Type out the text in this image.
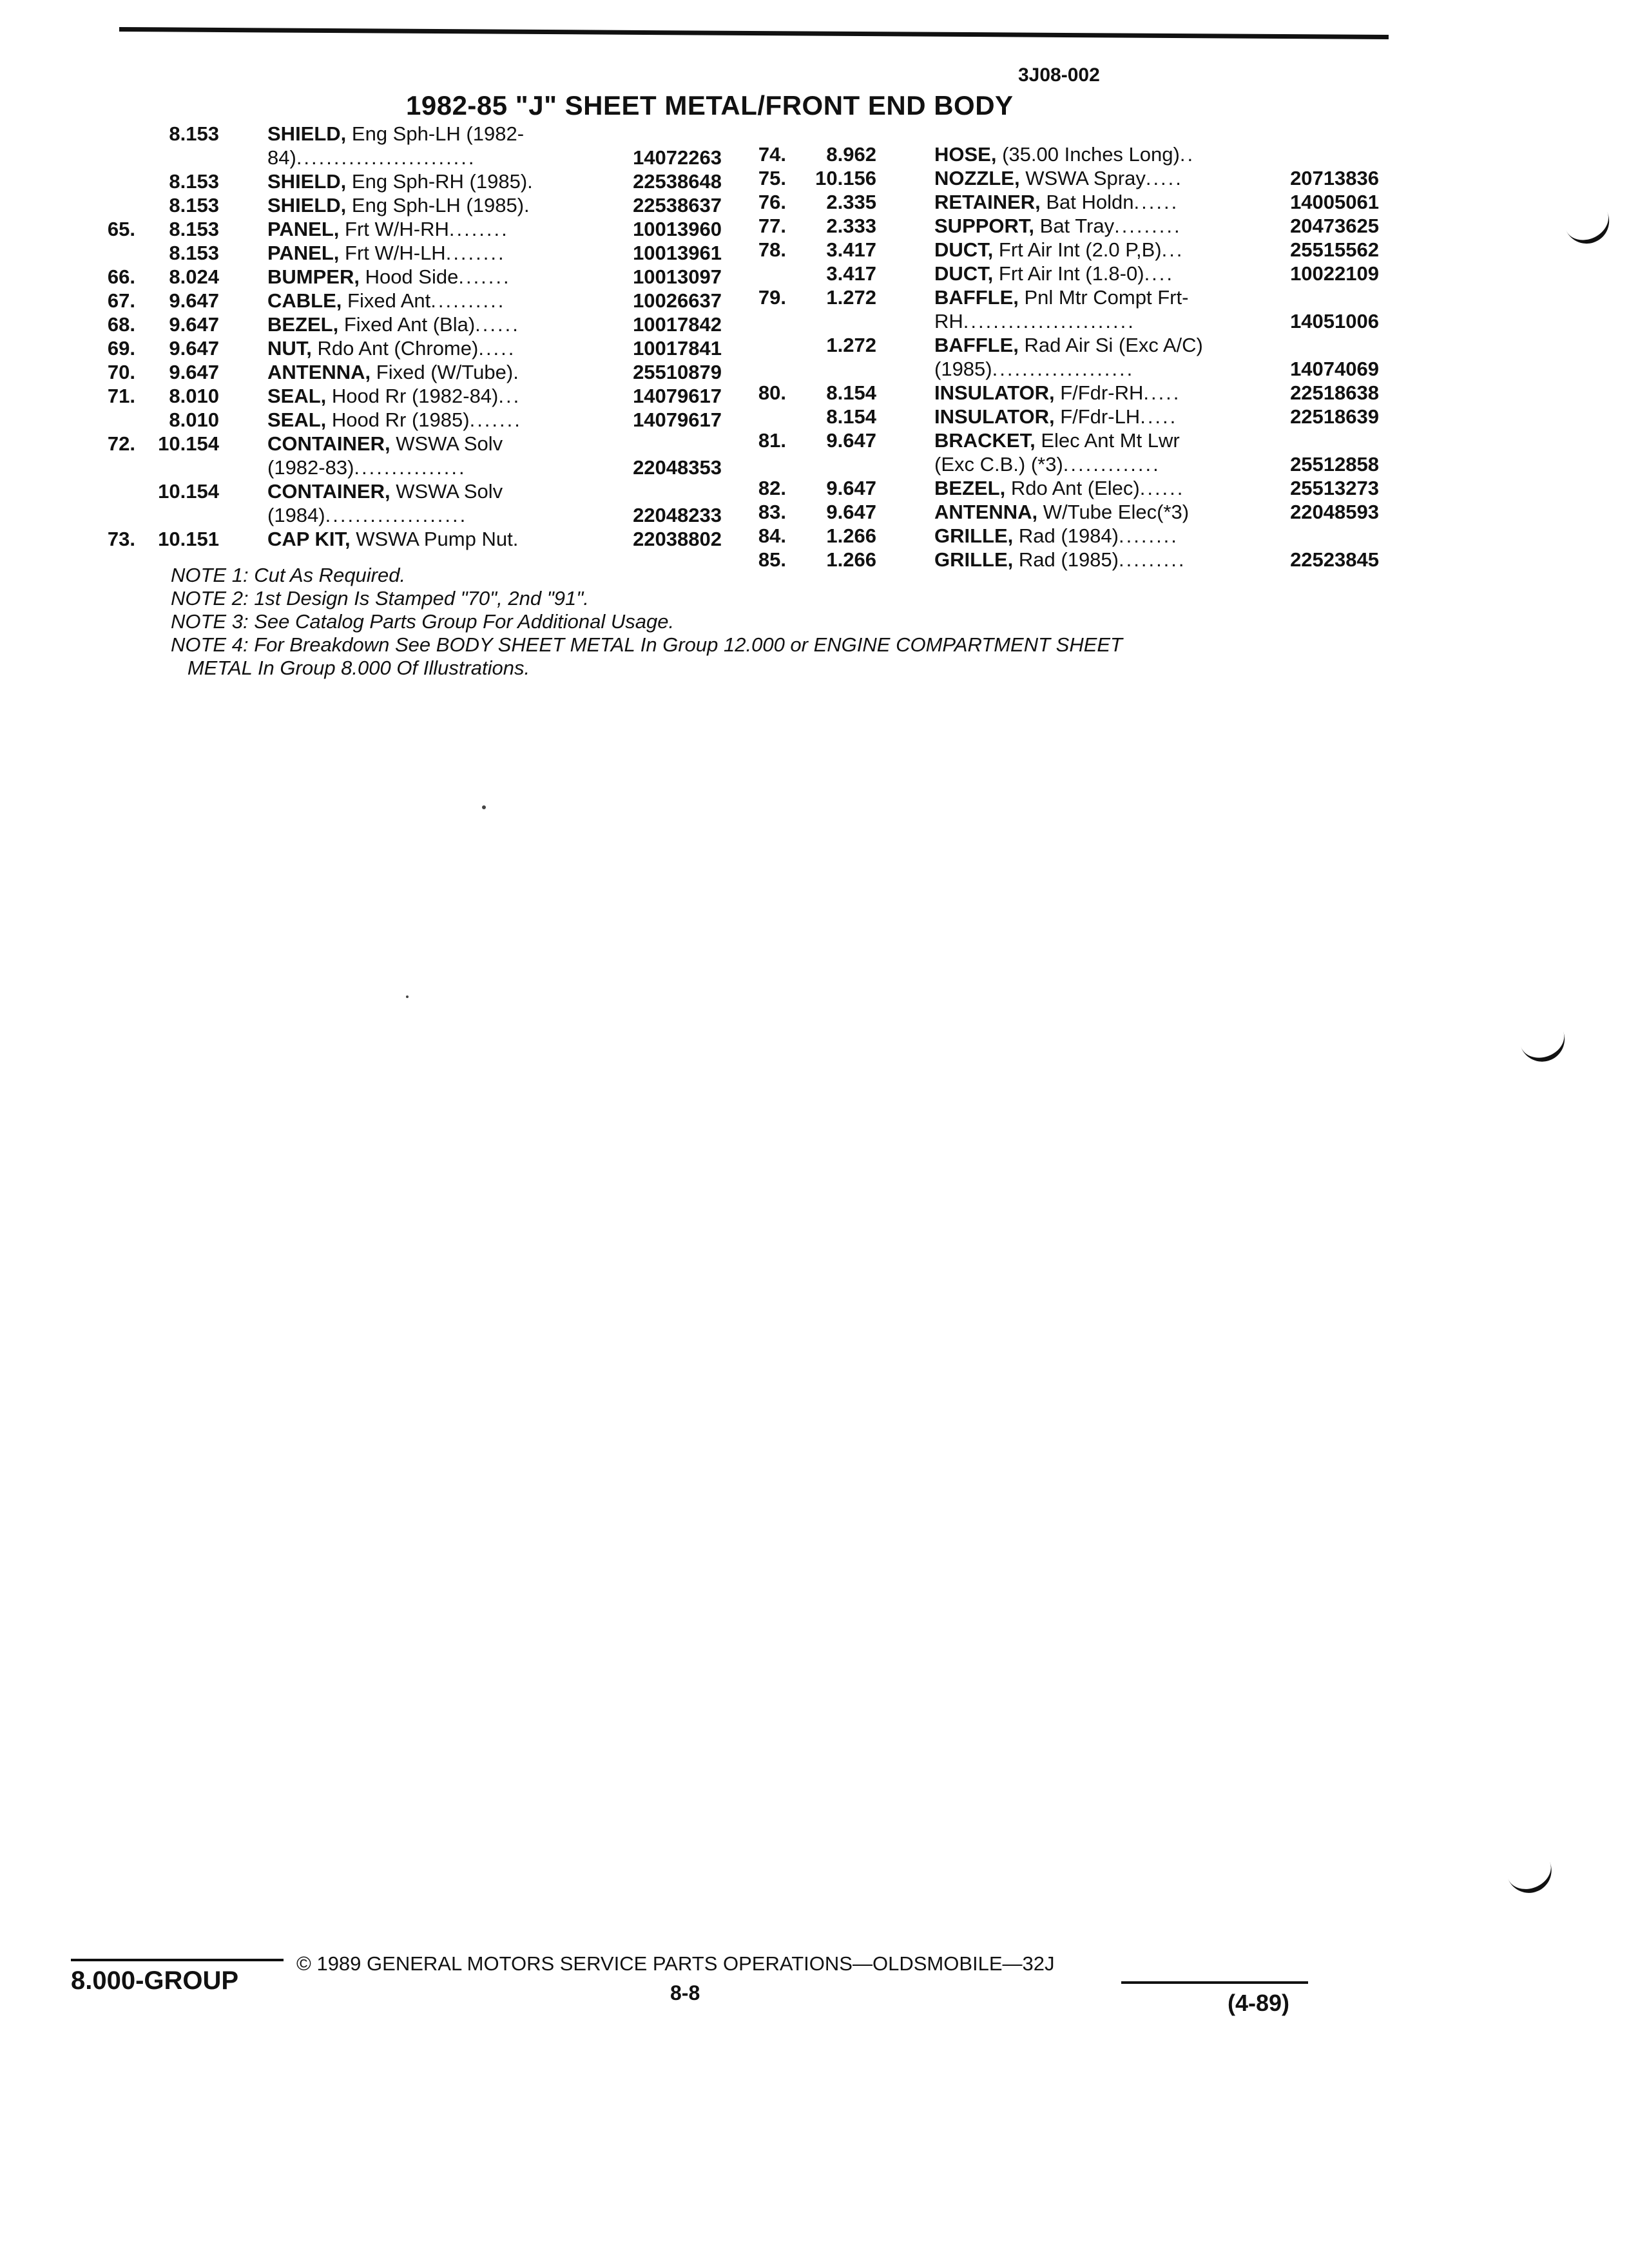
3J08-002
1982-85 "J" SHEET METAL/FRONT END BODY
8.153 SHIELD, Eng Sph-LH (1982-
84)........................	14072263
8.153 SHIELD, Eng Sph-RH (1985).	22538648
8.153 SHIELD, Eng Sph-LH (1985).	22538637
65.	8.153 PANEL, Frt W/H-RH........	10013960
8.153 PANEL, Frt W/H-LH........	10013961
66.	8.024 BUMPER, Hood Side.......	10013097
67.	9.647 CABLE, Fixed Ant..........	10026637
68.	9.647 BEZEL, Fixed Ant (Bla)......	10017842
69.	9.647 NUT, Rdo Ant (Chrome).....	10017841
70.	9.647 ANTENNA, Fixed (W/Tube).	25510879
71.	8.010 SEAL, Hood Rr (1982-84)...	14079617
8.010 SEAL, Hood Rr (1985).......	14079617
72.	10.154 CONTAINER, WSWA Solv
(1982-83)...............	22048353
10.154 CONTAINER, WSWA Solv
(1984)...................	22048233
73.	10.151 CAP KIT, WSWA Pump Nut.	22038802
74.	8.962	HOSE, (35.00 Inches Long)..
75.	10.156	NOZZLE, WSWA Spray.....	20713836
76.	2.335	RETAINER, Bat Holdn......	14005061
77.	2.333	SUPPORT, Bat Tray.........	20473625
78.	3.417	DUCT, Frt Air Int (2.0 P,B)...	25515562
3.417	DUCT, Frt Air Int (1.8-0)....	10022109
79.	1.272	BAFFLE, Pnl Mtr Compt Frt-
RH.......................	14051006
1.272	BAFFLE, Rad Air Si (Exc A/C)
(1985)...................	14074069
80.	8.154	INSULATOR, F/Fdr-RH.....	22518638
8.154	INSULATOR, F/Fdr-LH.....	22518639
81.	9.647	BRACKET, Elec Ant Mt Lwr
(Exc C.B.) (*3).............	25512858
82.	9.647	BEZEL, Rdo Ant (Elec)......	25513273
83.	9.647	ANTENNA, W/Tube Elec(*3)	22048593
84.	1.266	GRILLE, Rad (1984)........
85.	1.266	GRILLE, Rad (1985).........	22523845
NOTE 1: Cut As Required.
NOTE 2: 1st Design Is Stamped "70", 2nd "91".
NOTE 3: See Catalog Parts Group For Additional Usage.
NOTE 4: For Breakdown See BODY SHEET METAL In Group 12.000 or ENGINE COMPARTMENT SHEET
METAL In Group 8.000 Of Illustrations.
8.000-GROUP
© 1989 GENERAL MOTORS SERVICE PARTS OPERATIONS—OLDSMOBILE—32J
8-8	(4-89)
